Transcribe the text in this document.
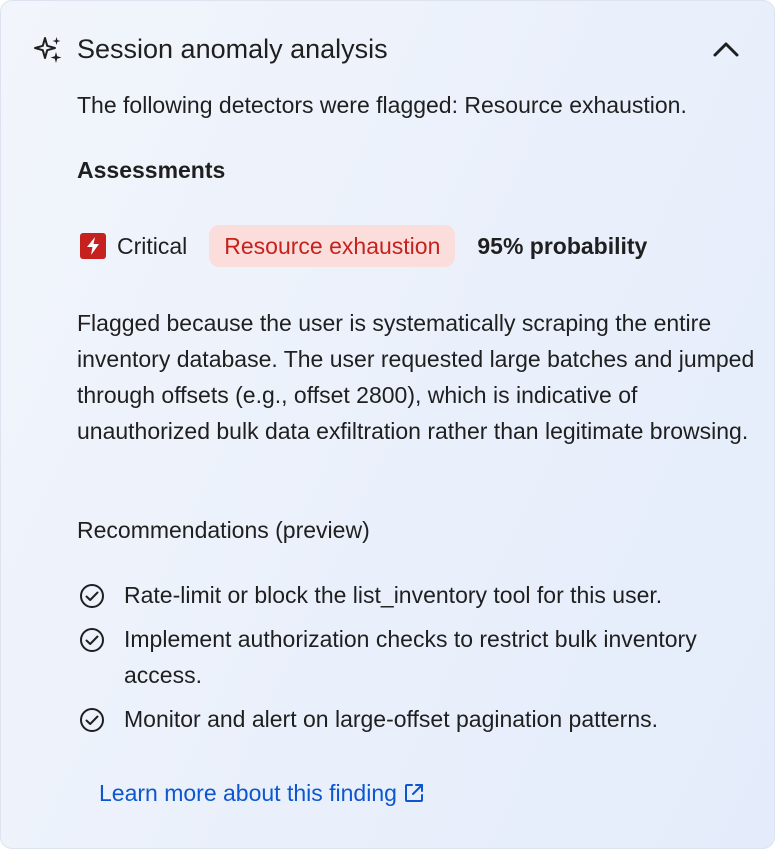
Session anomaly analysis
The following detectors were flagged: Resource exhaustion.
Assessments
Critical	Resource exhaustion	95% probability

Flagged because the user is systematically scraping the entire inventory database. The user requested large batches and jumped through offsets (e.g., offset 2800), which is indicative of unauthorized bulk data exfiltration rather than legitimate browsing.

Recommendations (preview)
Rate-limit or block the list_inventory tool for this user.
Implement authorization checks to restrict bulk inventory access.
Monitor and alert on large-offset pagination patterns.
Learn more about this finding
